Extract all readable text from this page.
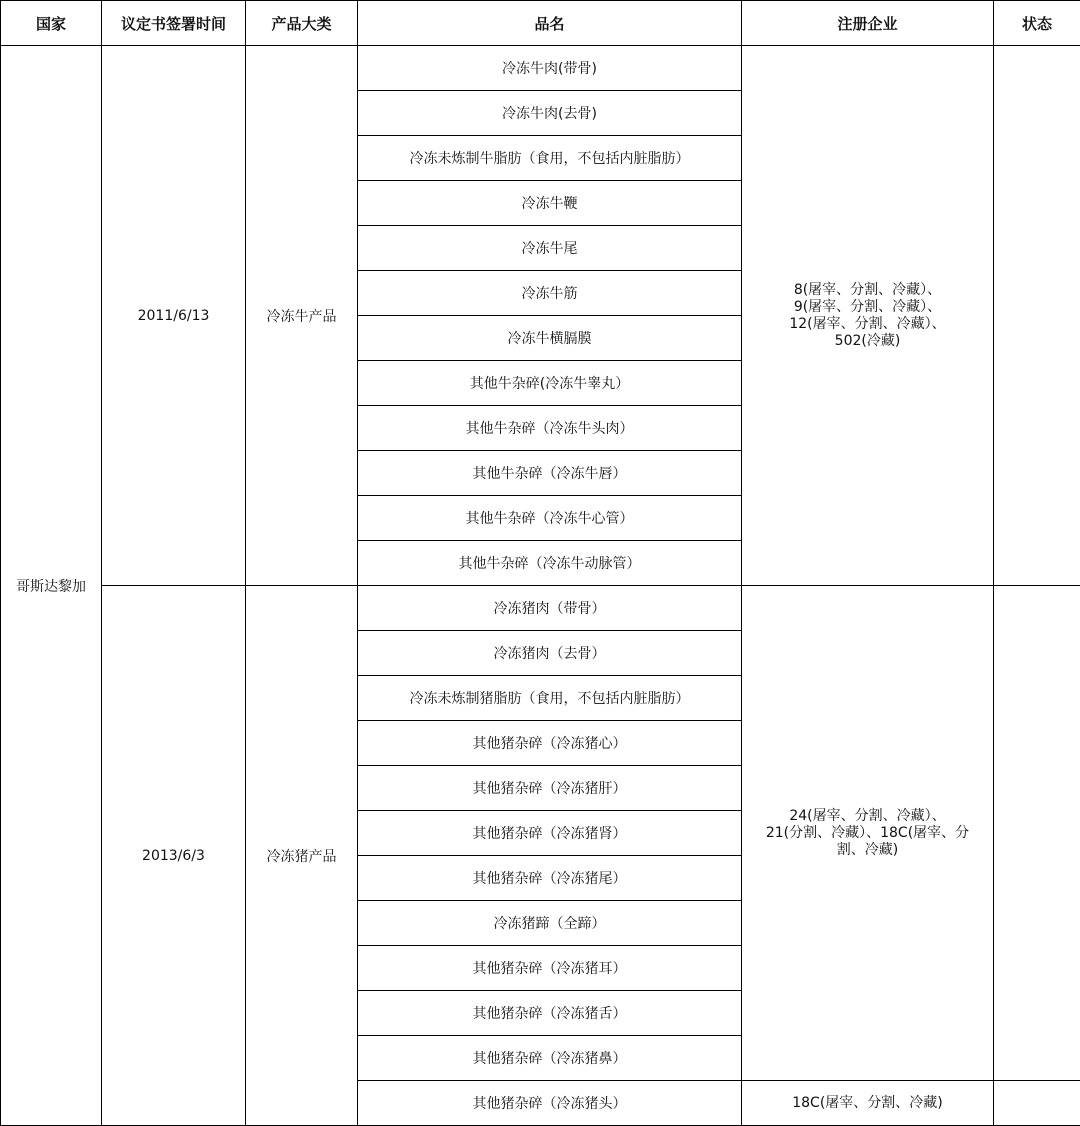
国家	议定书签署时间	产品大类	品名	注册企业	状态
哥斯达黎加	2011/6/13	冷冻牛产品	冷冻牛肉(带骨)	8(屠宰、分割、冷藏）、
9(屠宰、分割、冷藏）、
12(屠宰、分割、冷藏）、
502(冷藏)	

			冷冻牛肉(去骨)		
			冷冻未炼制牛脂肪（食用，不包括内脏脂肪）		
			冷冻牛鞭		
			冷冻牛尾		
			冷冻牛筋		
			冷冻牛横膈膜		
			其他牛杂碎(冷冻牛睾丸）		
			其他牛杂碎（冷冻牛头肉）		
			其他牛杂碎（冷冻牛唇）		
			其他牛杂碎（冷冻牛心管）		
			其他牛杂碎（冷冻牛动脉管）		
	2013/6/3	冷冻猪产品	冷冻猪肉（带骨）	24(屠宰、分割、冷藏）、
21(分割、冷藏）、18C(屠宰、分
割、冷藏)	

			冷冻猪肉（去骨）		
			冷冻未炼制猪脂肪（食用，不包括内脏脂肪）		
			其他猪杂碎（冷冻猪心）		
			其他猪杂碎（冷冻猪肝）		
			其他猪杂碎（冷冻猪肾）		
			其他猪杂碎（冷冻猪尾）		
			冷冻猪蹄（全蹄）		
			其他猪杂碎（冷冻猪耳）		
			其他猪杂碎（冷冻猪舌）		
			其他猪杂碎（冷冻猪鼻）		
			其他猪杂碎（冷冻猪头）	18C(屠宰、分割、冷藏)	
